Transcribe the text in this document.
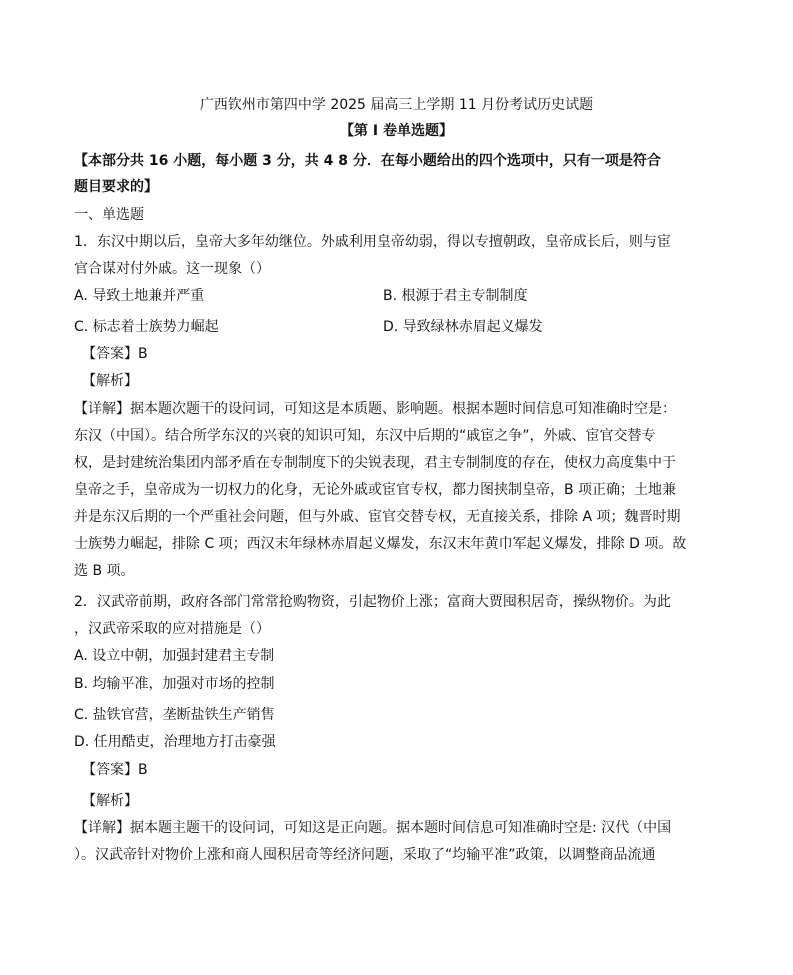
广西钦州市第四中学 2025 届高三上学期 11 月份考试历史试题
【第 I 卷单选题】
【本部分共 16 小题，每小题 3 分，共 4 8 分．在每小题给出的四个选项中，只有一项是符合
题目要求的】
一、单选题
1．东汉中期以后，皇帝大多年幼继位。外戚利用皇帝幼弱，得以专擅朝政，皇帝成长后，则与宦
官合谋对付外戚。这一现象（）
A. 导致土地兼并严重	B. 根源于君主专制制度
C. 标志着士族势力崛起	D. 导致绿林赤眉起义爆发
【答案】B
【解析】
【详解】据本题次题干的设问词，可知这是本质题、影响题。根据本题时间信息可知准确时空是：
东汉（中国）。结合所学东汉的兴衰的知识可知，东汉中后期的“戚宦之争”，外戚、宦官交替专
权，是封建统治集团内部矛盾在专制制度下的尖锐表现，君主专制制度的存在，使权力高度集中于
皇帝之手，皇帝成为一切权力的化身，无论外戚或宦官专权，都力图挟制皇帝，B 项正确；土地兼
并是东汉后期的一个严重社会问题，但与外戚、宦官交替专权，无直接关系，排除 A 项；魏晋时期
士族势力崛起，排除 C 项；西汉末年绿林赤眉起义爆发，东汉末年黄巾军起义爆发，排除 D 项。故
选 B 项。
2．汉武帝前期，政府各部门常常抢购物资，引起物价上涨；富商大贾囤积居奇，操纵物价。为此
，汉武帝采取的应对措施是（）
A. 设立中朝，加强封建君主专制
B. 均输平准，加强对市场的控制
C. 盐铁官营，垄断盐铁生产销售
D. 任用酷吏，治理地方打击豪强
【答案】B
【解析】
【详解】据本题主题干的设问词，可知这是正向题。据本题时间信息可知准确时空是: 汉代（中国
）。汉武帝针对物价上涨和商人囤积居奇等经济问题，采取了“均输平准”政策，以调整商品流通
